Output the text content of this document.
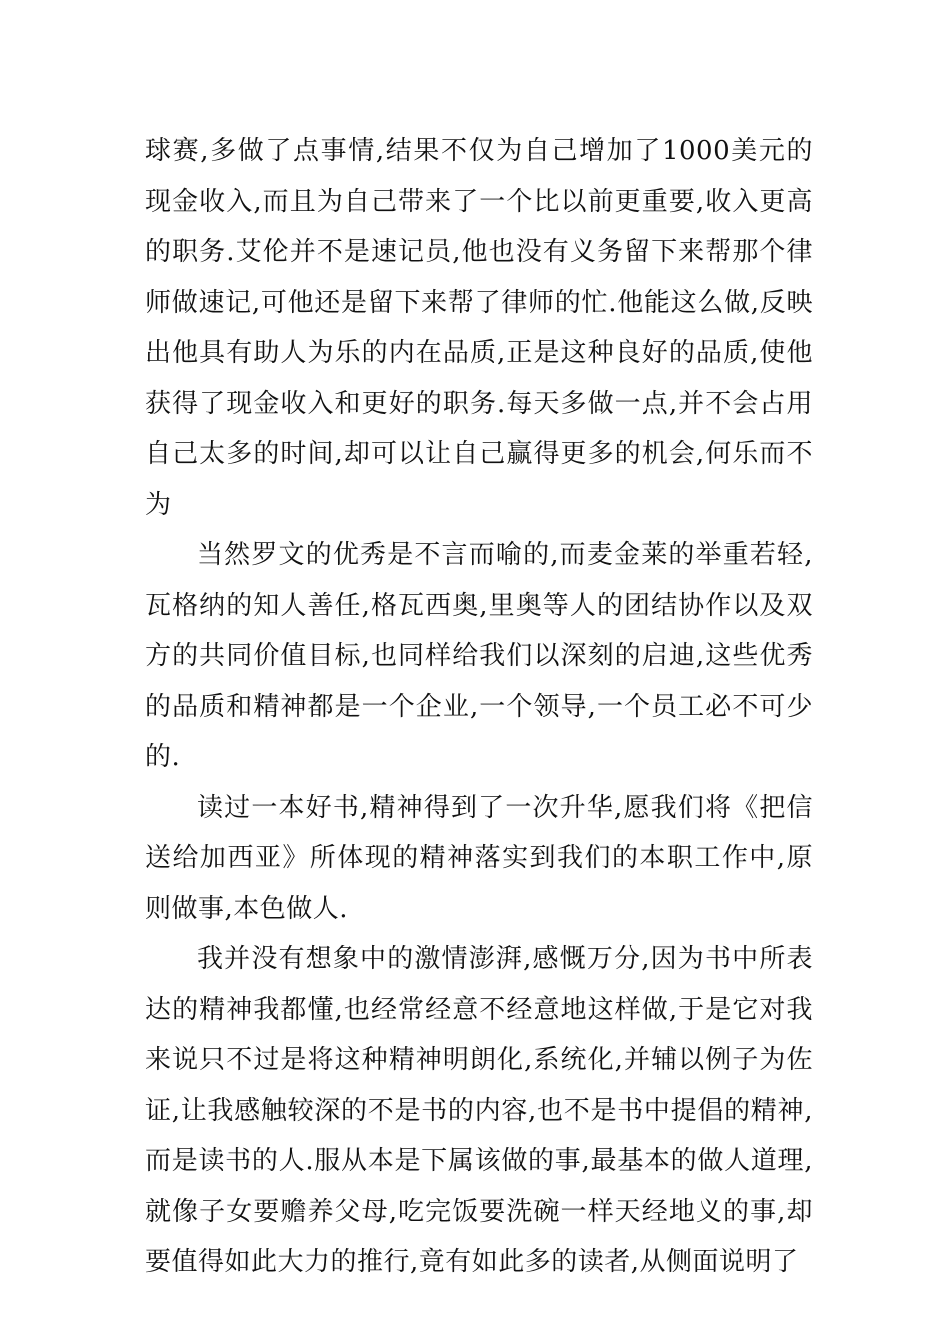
球赛,多做了点事情,结果不仅为自己增加了1000美元的现金收入,而且为自己带来了一个比以前更重要,收入更高的职务.艾伦并不是速记员,他也没有义务留下来帮那个律师做速记,可他还是留下来帮了律师的忙.他能这么做,反映出他具有助人为乐的内在品质,正是这种良好的品质,使他获得了现金收入和更好的职务.每天多做一点,并不会占用自己太多的时间,却可以让自己赢得更多的机会,何乐而不为

当然罗文的优秀是不言而喻的,而麦金莱的举重若轻,瓦格纳的知人善任,格瓦西奥,里奥等人的团结协作以及双方的共同价值目标,也同样给我们以深刻的启迪,这些优秀的品质和精神都是一个企业,一个领导,一个员工必不可少的.

读过一本好书,精神得到了一次升华,愿我们将《把信送给加西亚》所体现的精神落实到我们的本职工作中,原则做事,本色做人.

我并没有想象中的激情澎湃,感慨万分,因为书中所表达的精神我都懂,也经常经意不经意地这样做,于是它对我来说只不过是将这种精神明朗化,系统化,并辅以例子为佐证,让我感触较深的不是书的内容,也不是书中提倡的精神,而是读书的人.服从本是下属该做的事,最基本的做人道理,就像子女要赡养父母,吃完饭要洗碗一样天经地义的事,却要值得如此大力的推行,竟有如此多的读者,从侧面说明了
